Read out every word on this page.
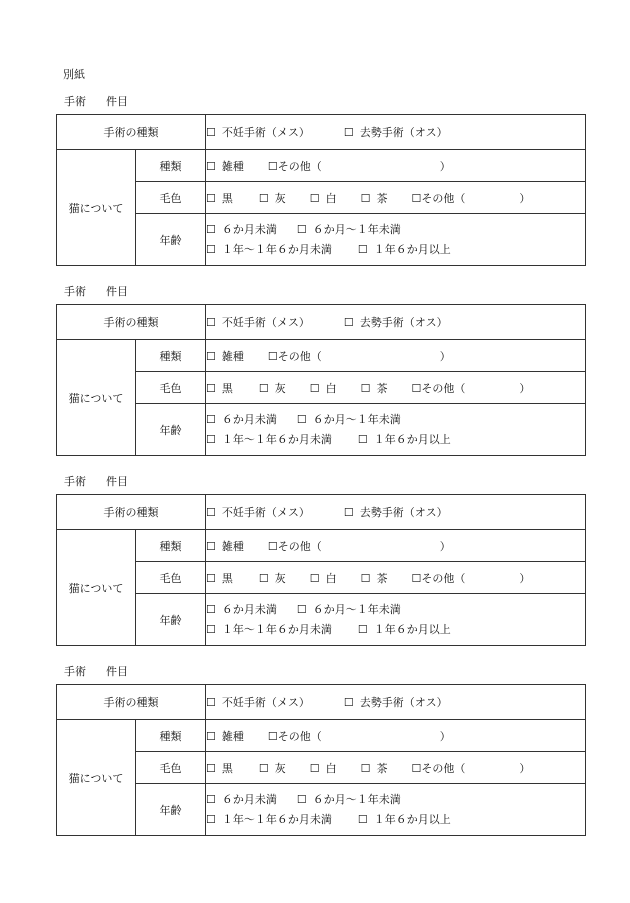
別紙
手術 件目
手術の種類		☐ 不妊手術（メス） ☐ 去勢手術（オス）
猫について	種類	☐ 雑種 ☐その他（ ）
	毛色	☐ 黒 ☐ 灰 ☐ 白 ☐ 茶 ☐その他（ ）
	年齢	☐ ６か月未満 ☐ ６か月～１年未満
☐ １年～１年６か月未満 ☐ １年６か月以上
手術 件目
手術の種類		☐ 不妊手術（メス） ☐ 去勢手術（オス）
猫について	種類	☐ 雑種 ☐その他（ ）
	毛色	☐ 黒 ☐ 灰 ☐ 白 ☐ 茶 ☐その他（ ）
	年齢	☐ ６か月未満 ☐ ６か月～１年未満
☐ １年～１年６か月未満 ☐ １年６か月以上
手術 件目
手術の種類		☐ 不妊手術（メス） ☐ 去勢手術（オス）
猫について	種類	☐ 雑種 ☐その他（ ）
	毛色	☐ 黒 ☐ 灰 ☐ 白 ☐ 茶 ☐その他（ ）
	年齢	☐ ６か月未満 ☐ ６か月～１年未満
☐ １年～１年６か月未満 ☐ １年６か月以上
手術 件目
手術の種類		☐ 不妊手術（メス） ☐ 去勢手術（オス）
猫について	種類	☐ 雑種 ☐その他（ ）
	毛色	☐ 黒 ☐ 灰 ☐ 白 ☐ 茶 ☐その他（ ）
	年齢	☐ ６か月未満 ☐ ６か月～１年未満
☐ １年～１年６か月未満 ☐ １年６か月以上
